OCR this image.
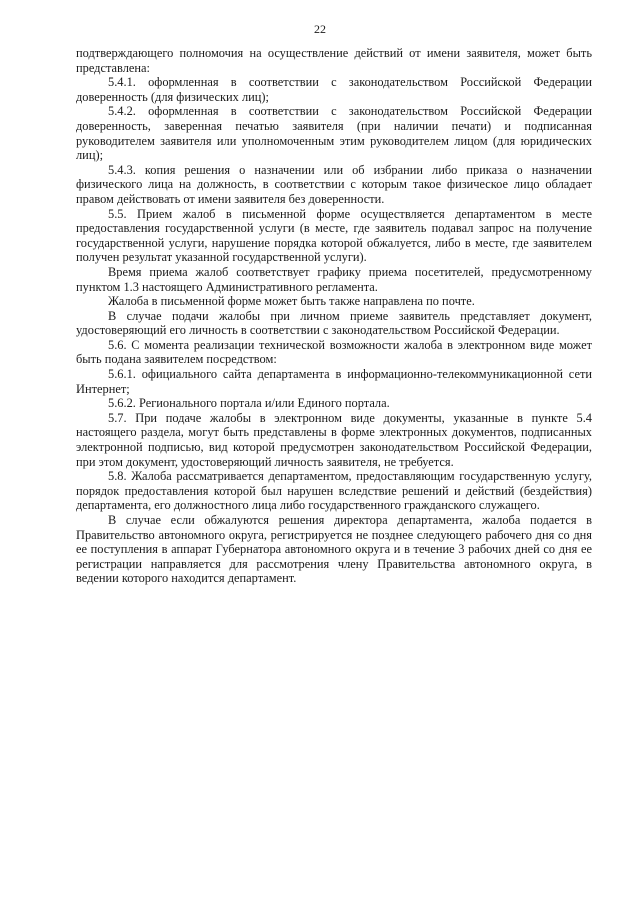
22

подтверждающего полномочия на осуществление действий от имени заявителя, может быть представлена:

5.4.1. оформленная в соответствии с законодательством Российской Федерации доверенность (для физических лиц);

5.4.2. оформленная в соответствии с законодательством Российской Федерации доверенность, заверенная печатью заявителя (при наличии печати) и подписанная руководителем заявителя или уполномоченным этим руководителем лицом (для юридических лиц);

5.4.3. копия решения о назначении или об избрании либо приказа о назначении физического лица на должность, в соответствии с которым такое физическое лицо обладает правом действовать от имени заявителя без доверенности.

5.5. Прием жалоб в письменной форме осуществляется департаментом в месте предоставления государственной услуги (в месте, где заявитель подавал запрос на получение государственной услуги, нарушение порядка которой обжалуется, либо в месте, где заявителем получен результат указанной государственной услуги).

Время приема жалоб соответствует графику приема посетителей, предусмотренному пунктом 1.3 настоящего Административного регламента.

Жалоба в письменной форме может быть также направлена по почте.

В случае подачи жалобы при личном приеме заявитель представляет документ, удостоверяющий его личность в соответствии с законодательством Российской Федерации.

5.6. С момента реализации технической возможности жалоба в электронном виде может быть подана заявителем посредством:

5.6.1. официального сайта департамента в информационно-телекоммуникационной сети Интернет;

5.6.2. Регионального портала и/или Единого портала.

5.7. При подаче жалобы в электронном виде документы, указанные в пункте 5.4 настоящего раздела, могут быть представлены в форме электронных документов, подписанных электронной подписью, вид которой предусмотрен законодательством Российской Федерации, при этом документ, удостоверяющий личность заявителя, не требуется.

5.8. Жалоба рассматривается департаментом, предоставляющим государственную услугу, порядок предоставления которой был нарушен вследствие решений и действий (бездействия) департамента, его должностного лица либо государственного гражданского служащего.

В случае если обжалуются решения директора департамента, жалоба подается в Правительство автономного округа, регистрируется не позднее следующего рабочего дня со дня ее поступления в аппарат Губернатора автономного округа и в течение 3 рабочих дней со дня ее регистрации направляется для рассмотрения члену Правительства автономного округа, в ведении которого находится департамент.
